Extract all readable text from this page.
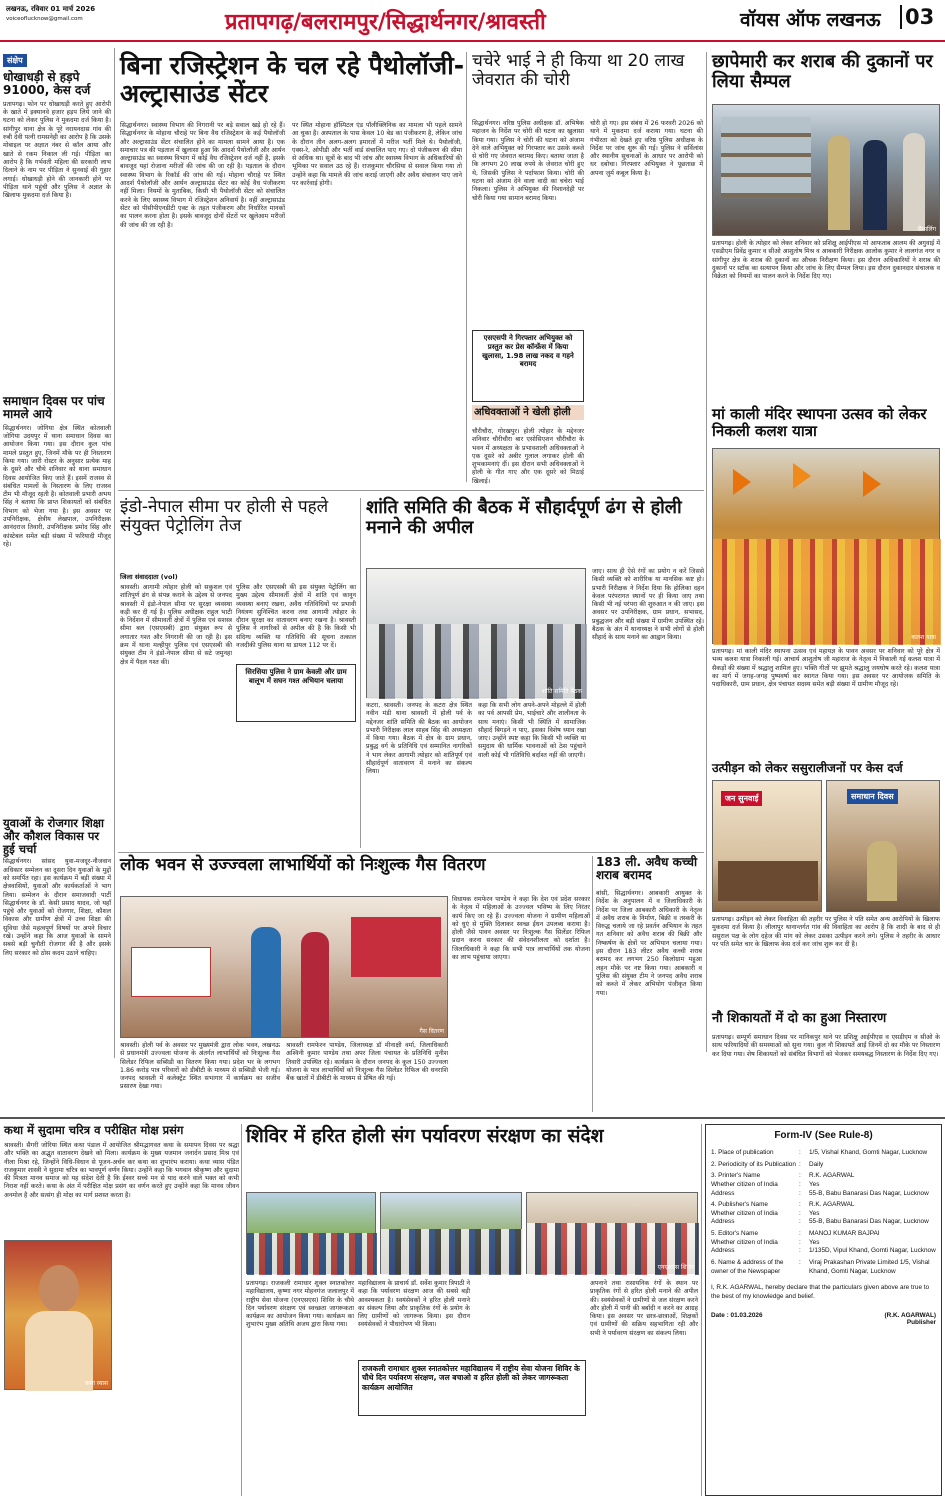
लखनऊ, रविवार 01 मार्च 2026
voiceoflucknow@gmail.com	प्रतापगढ़/बलरामपुर/सिद्धार्थनगर/श्रावस्ती	वॉयस ऑफ लखनऊ 03
संक्षेप
धोखाधड़ी से हड़पे 91000, केस दर्ज
प्रतापगढ़। फोन पर धोखाधड़ी करते हुए आरोपी के खाते में इक्यानवे हजार हड़प लिये जाने की घटना को लेकर पुलिस ने मुकदमा दर्ज किया है। सांगीपुर थाना क्षेत्र के पूरे नरायनदास गांव की रुबी देवी पत्नी रामसनेही का आरोप है कि उसके मोबाइल पर अज्ञात नंबर से कॉल आया और खाते से रकम निकाल ली गई। पीड़िता का आरोप है कि गर्भवती महिला की सरकारी लाभ दिलाने के नाम पर पीड़िता ने सुनवाई की गुहार लगाई। धोखाधड़ी होने की जानकारी होने पर पीड़िता थाने पहुंची और पुलिस ने अज्ञात के खिलाफ मुकदमा दर्ज किया है।
समाधान दिवस पर पांच मामले आये
सिद्धार्थनगर। जोगिया क्षेत्र स्थित कोतवाली जोगिया उदयपुर में थाना समाधान दिवस का आयोजन किया गया। इस दौरान कुल पांच मामले प्रस्तुत हुए, जिनमें मौके पर ही निस्तारण किया गया। जारी रोस्टर के अनुसार प्रत्येक माह के दूसरे और चौथे शनिवार को थाना समाधान दिवस आयोजित किए जाते हैं। इसमें राजस्व से संबंधित मामलों के निस्तारण के लिए राजस्व टीम भी मौजूद रहती है। कोतवाली प्रभारी अभय सिंह ने बताया कि प्राप्त शिकायतों को संबंधित विभाग को भेजा गया है। इस अवसर पर उपनिरीक्षक, क्षेत्रीय लेखपाल, उपनिरीक्षक आनंदराज तिवारी, उपनिरीक्षक प्रमोद सिंह और कांस्टेबल समेत बड़ी संख्या में फरियादी मौजूद रहे।
युवाओं के रोजगार शिक्षा और कौशल विकास पर हुई चर्चा
सिद्धार्थनगर। सांसद युवा-मजदूर-नौजवान अधिकार सम्मेलन का दूसरा दिन युवाओं के मुद्दों को समर्पित रहा। इस कार्यक्रम में बड़ी संख्या में क्षेत्रवासियों, युवाओं और कार्यकर्ताओं ने भाग लिया। सम्मेलन के दौरान समाजवादी पार्टी सिद्धार्थनगर के डॉ. केसी प्रसाद यादव, जो यहाँ पहुंचे और युवाओं को रोजगार, शिक्षा, कौशल विकास और ग्रामीण क्षेत्रों में उच्च शिक्षा की सुविधा जैसे महत्वपूर्ण विषयों पर अपने विचार रखे। उन्होंने कहा कि आज युवाओं के सामने सबसे बड़ी चुनौती रोजगार की है और इसके लिए सरकार को ठोस कदम उठाने चाहिए।
बिना रजिस्ट्रेशन के चल रहे पैथोलॉजी-अल्ट्रासाउंड सेंटर
सिद्धार्थनगर। स्वास्थ्य विभाग की निगरानी पर बड़े सवाल खड़े हो रहे हैं। सिद्धार्थनगर के मोहाना चौराहे पर बिना वैध रजिस्ट्रेशन के कई पैथोलॉजी और अल्ट्रासाउंड सेंटर संचालित होने का मामला सामने आया है। एक समाचार पत्र की पड़ताल में खुलासा हुआ कि आदर्श पैथोलॉजी और आर्यन अल्ट्रासाउंड का स्वास्थ्य विभाग में कोई वैध रजिस्ट्रेशन दर्ज नहीं है, इसके बावजूद यहां रोजाना मरीजों की जांच की जा रही है। पड़ताल के दौरान स्वास्थ्य विभाग के रिकॉर्ड की जांच की गई। मोहाना चौराहे पर स्थित आदर्श पैथोलॉजी और आर्यन अल्ट्रासाउंड सेंटर का कोई वैध पंजीकरण नहीं मिला। नियमों के मुताबिक, किसी भी पैथोलॉजी सेंटर को संचालित करने के लिए स्वास्थ्य विभाग में रजिस्ट्रेशन अनिवार्य है। वहीं अल्ट्रासाउंड सेंटर को पीसीपीएनडीटी एक्ट के तहत पंजीकरण और निर्धारित मानकों का पालन करना होता है। इसके बावजूद दोनों सेंटरों पर खुलेआम मरीजों की जांच की जा रही है।
पर स्थित मोहाना हॉस्पिटल एंड पॉलीक्लिनिक का मामला भी पहले सामने आ चुका है। अस्पताल के पास केवल 10 बेड का पंजीकरण है, लेकिन जांच के दौरान तीन अलग-अलग इमारतों में मरीज भर्ती मिले थे। पैथोलॉजी, एक्स-रे, ओपीडी और भर्ती वार्ड संचालित पाए गए। दो पंजीकरण की सीमा से अधिक था। सूत्रों के बाद भी जांच और स्वास्थ्य विभाग के अधिकारियों की भूमिका पर सवाल उठ रहे हैं। राजकुमार चौरसिया से सवाल किया गया तो उन्होंने कहा कि मामले की जांच कराई जाएगी और अवैध संचालन पाए जाने पर कार्रवाई होगी।
चचेरे भाई ने ही किया था 20 लाख जेवरात की चोरी
सिद्धार्थनगर। वरिष्ठ पुलिस अधीक्षक डॉ. अभिषेक महाजन के निर्देश पर चोरी की घटना का खुलासा किया गया। पुलिस ने चोरी की घटना को अंजाम देने वाले अभियुक्त को गिरफ्तार कर उसके कब्जे से चोरी गए जेवरात बरामद किए। बताया जाता है कि लगभग 20 लाख रुपये के जेवरात चोरी हुए थे, जिसकी पुलिस ने पर्दाफाश किया। चोरी की घटना को अंजाम देने वाला वादी का चचेरा भाई निकला। पुलिस ने अभियुक्त की निशानदेही पर चोरी किया गया सामान बरामद किया।
चोरी हो गए। इस संबंध में 26 फरवरी 2026 को थाने में मुकदमा दर्ज कराया गया। घटना की गंभीरता को देखते हुए वरिष्ठ पुलिस अधीक्षक के निर्देश पर जांच शुरू की गई। पुलिस ने सर्विलांस और स्थानीय सूचनाओं के आधार पर आरोपी को धर दबोचा। गिरफ्तार अभियुक्त ने पूछताछ में अपना जुर्म कबूल किया है।
एसएसपी ने गिरफ्तार अभियुक्त को प्रस्तुत कर प्रेस कॉन्फ्रेंस में किया खुलासा, 1.98 लाख नकद व गहने बरामद
अधिवक्ताओं ने खेली होली
चौरीचौरा, गोरखपुर। होली त्योहार के मद्देनजर शनिवार चौरीचौरा बार एसोसिएशन चौरीचौरा के भवन में अध्यक्षता के प्रभावशाली अधिवक्ताओं ने एक दूसरे को अबीर गुलाल लगाकर होली की शुभकामनाएं दीं। इस दौरान सभी अधिवक्ताओं ने होली के गीत गाए और एक दूसरे को मिठाई खिलाई।
छापेमारी कर शराब की दुकानों पर लिया सैम्पल
सैम्पलिंग
प्रतापगढ़। होली के त्योहार को लेकर शनिवार को प्रशिक्षु आईपीएस मो आफताब आलम की अगुवाई में एसडीएम प्रिवेंद्र कुमार व सीओ आशुतोष मिश्र व आबकारी निरीक्षक आलोक कुमार ने लालगंज नगर व सांगीपुर क्षेत्र के शराब की दुकानों का औचक निरीक्षण किया। इस दौरान अधिकारियों ने शराब की दुकानों पर स्टॉक का सत्यापन किया और जांच के लिए सैम्पल लिया। इस दौरान दुकानदार संचालक व विक्रेता को नियमों का पालन करने के निर्देश दिए गए।
मां काली मंदिर स्थापना उत्सव को लेकर निकली कलश यात्रा
कलश यात्रा
प्रतापगढ़। मां काली मंदिर स्थापना उत्सव एवं महायज्ञ के पावन अवसर पर शनिवार को पूरे क्षेत्र में भव्य कलश यात्रा निकाली गई। आचार्य आशुतोष जी महाराज के नेतृत्व में निकाली गई कलश यात्रा में सैकड़ों की संख्या में श्रद्धालु शामिल हुए। भक्ति गीतों पर झूमते श्रद्धालु जयघोष करते रहे। कलश यात्रा का मार्ग में जगह-जगह पुष्पवर्षा कर स्वागत किया गया। इस अवसर पर आयोजक समिति के पदाधिकारी, ग्राम प्रधान, क्षेत्र पंचायत सदस्य समेत बड़ी संख्या में ग्रामीण मौजूद रहे।
उत्पीड़न को लेकर ससुरालीजनों पर केस दर्ज
जन सुनवाई	समाधान दिवस
प्रतापगढ़। उत्पीड़न को लेकर विवाहिता की तहरीर पर पुलिस ने पति समेत अन्य आरोपियों के खिलाफ मुकदमा दर्ज किया है। लीलापुर थानान्तर्गत गांव की विवाहिता का आरोप है कि शादी के बाद से ही ससुराल पक्ष के लोग दहेज की मांग को लेकर उसका उत्पीड़न करने लगे। पुलिस ने तहरीर के आधार पर पति समेत चार के खिलाफ केस दर्ज कर जांच शुरू कर दी है।
नौ शिकायतों में दो का हुआ निस्तारण
प्रतापगढ़। सम्पूर्ण समाधान दिवस पर मानिकपुर थाने पर प्रशिक्षु आईपीएस व एसडीएम व सीओ के साथ फरियादियों की समस्याओं को सुना गया। कुल नौ शिकायतें आईं जिनमें दो का मौके पर निस्तारण कर दिया गया। शेष शिकायतों को संबंधित विभागों को भेजकर समयबद्ध निस्तारण के निर्देश दिए गए।
इंडो-नेपाल सीमा पर होली से पहले संयुक्त पेट्रोलिंग तेज
जिला संवाददाता (vol)
श्रावस्ती। आगामी त्योहार होली को सकुशल एवं शांतिपूर्ण ढंग से संपन्न कराने के उद्देश्य से जनपद श्रावस्ती में इंडो-नेपाल सीमा पर सुरक्षा व्यवस्था कड़ी कर दी गई है। पुलिस अधीक्षक राहुल भाटी के निर्देशन में सीमावर्ती क्षेत्रों में पुलिस एवं सशस्त्र सीमा बल (एसएसबी) द्वारा संयुक्त रूप से लगातार गश्त और निगरानी की जा रही है। इस क्रम में थाना मल्हीपुर पुलिस एवं एसएसबी की संयुक्त टीम ने इंडो-नेपाल सीमा से सटे जमुनहा क्षेत्र में पैदल गश्त की।
सिरसिया पुलिस ने ग्राम केवली और ग्राम बालूभ में सघन गश्त अभियान चलाया
पुलिस और एसएसबी की इस संयुक्त पेट्रोलिंग का मुख्य उद्देश्य सीमावर्ती क्षेत्रों में शांति एवं कानून व्यवस्था बनाए रखना, अवैध गतिविधियों पर प्रभावी नियंत्रण सुनिश्चित करना तथा आगामी त्योहार के दौरान सुरक्षा का वातावरण बनाए रखना है। श्रावस्ती पुलिस ने नागरिकों से अपील की है कि किसी भी संदिग्ध व्यक्ति या गतिविधि की सूचना तत्काल नजदीकी पुलिस थाना या डायल 112 पर दें।
शांति समिति की बैठक में सौहार्दपूर्ण ढंग से होली मनाने की अपील
शांति समिति बैठक
कटरा, श्रावस्ती। जनपद के कटरा क्षेत्र स्थित नवीन मंडी थाना श्रावस्ती में होली पर्व के मद्देनजर शांति समिति की बैठक का आयोजन प्रभारी निरीक्षक लाल साहब सिंह की अध्यक्षता में किया गया। बैठक में क्षेत्र के ग्राम प्रधान, प्रबुद्ध वर्ग के प्रतिनिधि एवं सम्मानित नागरिकों ने भाग लेकर आगामी त्योहार को शांतिपूर्ण एवं सौहार्दपूर्ण वातावरण में मनाने का संकल्प लिया।
कहा कि सभी लोग अपने-अपने मोहल्ले में होली का पर्व आपसी प्रेम, भाईचारे और शालीनता के साथ मनाएं। किसी भी स्थिति में सामाजिक सौहार्द बिगड़ने न पाए, इसका विशेष ध्यान रखा जाए। उन्होंने स्पष्ट कहा कि किसी भी व्यक्ति या समुदाय की धार्मिक भावनाओं को ठेस पहुंचाने वाली कोई भी गतिविधि बर्दाश्त नहीं की जाएगी।
जाए। साथ ही ऐसे रंगों का प्रयोग न करें जिससे किसी व्यक्ति को शारीरिक या मानसिक कष्ट हो। प्रभारी निरीक्षक ने निर्देश दिया कि होलिका दहन केवल परंपरागत स्थानों पर ही किया जाए तथा किसी भी नई परंपरा की शुरुआत न की जाए। इस अवसर पर उपनिरीक्षक, ग्राम प्रधान, सभासद, प्रबुद्धजन और बड़ी संख्या में ग्रामीण उपस्थित रहे। बैठक के अंत में थानाध्यक्ष ने सभी लोगों से होली सौहार्द के साथ मनाने का आह्वान किया।
लोक भवन से उज्ज्वला लाभार्थियों को निःशुल्क गैस वितरण
गैस वितरण
श्रावस्ती। होली पर्व के अवसर पर मुख्यमंत्री द्वारा लोक भवन, लखनऊ से प्रधानमंत्री उज्ज्वला योजना के अंतर्गत लाभार्थियों को निःशुल्क गैस सिलेंडर रिफिल सब्सिडी का वितरण किया गया। प्रदेश भर के लगभग 1.86 करोड़ पात्र परिवारों को डीबीटी के माध्यम से सब्सिडी भेजी गई। जनपद श्रावस्ती में कलेक्ट्रेट स्थित सभागार में कार्यक्रम का सजीव प्रसारण देखा गया।
श्रावस्ती रामफेरन पाण्डेय, जिलाध्यक्ष डॉ मीनाक्षी वर्मा, जिलाधिकारी अश्विनी कुमार पाण्डेय तथा अपर जिला पंचायत के प्रतिनिधि मुनीश तिवारी उपस्थित रहे। कार्यक्रम के दौरान जनपद के कुल 150 उज्ज्वला योजना के पात्र लाभार्थियों को निःशुल्क गैस सिलेंडर रिफिल की धनराशि बैंक खातों में डीबीटी के माध्यम से प्रेषित की गई।
विधायक रामफेरन पाण्डेय ने कहा कि देश एवं प्रदेश सरकार के नेतृत्व में महिलाओं के उज्ज्वल भविष्य के लिए निरंतर कार्य किए जा रहे हैं। उज्ज्वला योजना ने ग्रामीण महिलाओं को धुएं से मुक्ति दिलाकर स्वच्छ ईंधन उपलब्ध कराया है। होली जैसे पावन अवसर पर निःशुल्क गैस सिलेंडर रिफिल प्रदान करना सरकार की संवेदनशीलता को दर्शाता है। जिलाधिकारी ने कहा कि सभी पात्र लाभार्थियों तक योजना का लाभ पहुंचाया जाएगा।
183 ली. अवैध कच्ची शराब बरामद
बांसी, सिद्धार्थनगर। आबकारी आयुक्त के निर्देश के अनुपालन में व जिलाधिकारी के निर्देश पर जिला आबकारी अधिकारी के नेतृत्व में अवैध शराब के निर्माण, बिक्री व तस्करी के विरुद्ध चलाये जा रहे प्रवर्तन अभियान के तहत गत शनिवार को अवैध शराब की बिक्री और निष्कर्षण के क्षेत्रों पर अभियान चलाया गया। इस दौरान 183 लीटर अवैध कच्ची शराब बरामद कर लगभग 250 किलोग्राम महुआ लहन मौके पर नष्ट किया गया। आबकारी व पुलिस की संयुक्त टीम ने जनपद अवैध शराब को कब्जे में लेकर अभियोग पंजीकृत किया गया।
कथा में सुदामा चरित्र व परीक्षित मोक्ष प्रसंग
कथा व्यास
श्रावस्ती। सैगरी जोरिया स्थित कथा पंडाल में आयोजित श्रीमद्भागवत कथा के समापन दिवस पर श्रद्धा और भक्ति का अद्भुत वातावरण देखने को मिला। कार्यक्रम के मुख्य यजमान जनार्दन प्रसाद मिश्र एवं नीला मिश्रा रहे, जिन्होंने विधि-विधान से पूजन-अर्चन कर कथा का शुभारंभ कराया। कथा व्यास पंडित राजकुमार शास्त्री ने सुदामा चरित्र का भावपूर्ण वर्णन किया। उन्होंने कहा कि भगवान श्रीकृष्ण और सुदामा की मित्रता मानव समाज को यह संदेश देती है कि ईश्वर सच्चे मन से याद करने वाले भक्त को कभी निराश नहीं करते। कथा के अंत में परीक्षित मोक्ष प्रसंग का वर्णन करते हुए उन्होंने कहा कि मानव जीवन अनमोल है और सत्संग ही मोक्ष का मार्ग प्रशस्त करता है।
शिविर में हरित होली संग पर्यावरण संरक्षण का संदेश
एनएसएस शिविर
प्रतापगढ़। राजकली रामाधार शुक्ल स्नातकोत्तर महाविद्यालय, कृष्णा नगर मोहनगंज जलालपुर में राष्ट्रीय सेवा योजना (एनएसएस) शिविर के चौथे दिन पर्यावरण संरक्षण एवं स्वच्छता जागरूकता कार्यक्रम का आयोजन किया गया। कार्यक्रम का शुभारंभ मुख्य अतिथि अजय द्वारा किया गया।
महाविद्यालय के प्राचार्य डॉ. सर्वेश कुमार त्रिपाठी ने कहा कि पर्यावरण संरक्षण आज की सबसे बड़ी आवश्यकता है। स्वयंसेवकों ने हरित होली मनाने का संकल्प लिया और प्राकृतिक रंगों के प्रयोग के लिए ग्रामीणों को जागरूक किया। इस दौरान स्वयंसेवकों ने पौधारोपण भी किया।
राजकली रामाधार शुक्ल स्नातकोत्तर महाविद्यालय में राष्ट्रीय सेवा योजना शिविर के चौथे दिन पर्यावरण संरक्षण, जल बचाओ व हरित होली को लेकर जागरूकता कार्यक्रम आयोजित
अपनाने तथा रासायनिक रंगों के स्थान पर प्राकृतिक रंगों से हरित होली मनाने की अपील की। स्वयंसेवकों ने ग्रामीणों से जल संरक्षण करने और होली में पानी की बर्बादी न करने का आग्रह किया। इस अवसर पर छात्र-छात्राओं, शिक्षकों एवं ग्रामीणों की सक्रिय सहभागिता रही और सभी ने पर्यावरण संरक्षण का संकल्प लिया।
Form-IV (See Rule-8)
1. Place of publication	:	1/5, Vishal Khand, Gomti Nagar, Lucknow
2. Periodicity of its Publication :	Daily
3. Printer's Name	:	R.K. AGARWAL
Whether citizen of India	:	Yes
Address	:	55-B, Babu Banarasi Das Nagar, Lucknow
4. Publisher's Name	:	R.K. AGARWAL
Whether citizen of India	:	Yes
Address	:	55-B, Babu Banarasi Das Nagar, Lucknow
5. Editor's Name	:	MANOJ KUMAR BAJPAI
Whether citizen of India	:	Yes
Address	:	1/135D, Vipul Khand, Gomti Nagar, Lucknow
6. Name & address of the owner of the Newspaper
:	Viraj Prakashan Private Limited 1/5, Vishal Khand, Gomti Nagar, Lucknow
I, R.K. AGARWAL, hereby declare that the particulars given above are true to the best of my knowledge and belief.
Date : 01.03.2026	(R.K. AGARWAL)
Publisher
